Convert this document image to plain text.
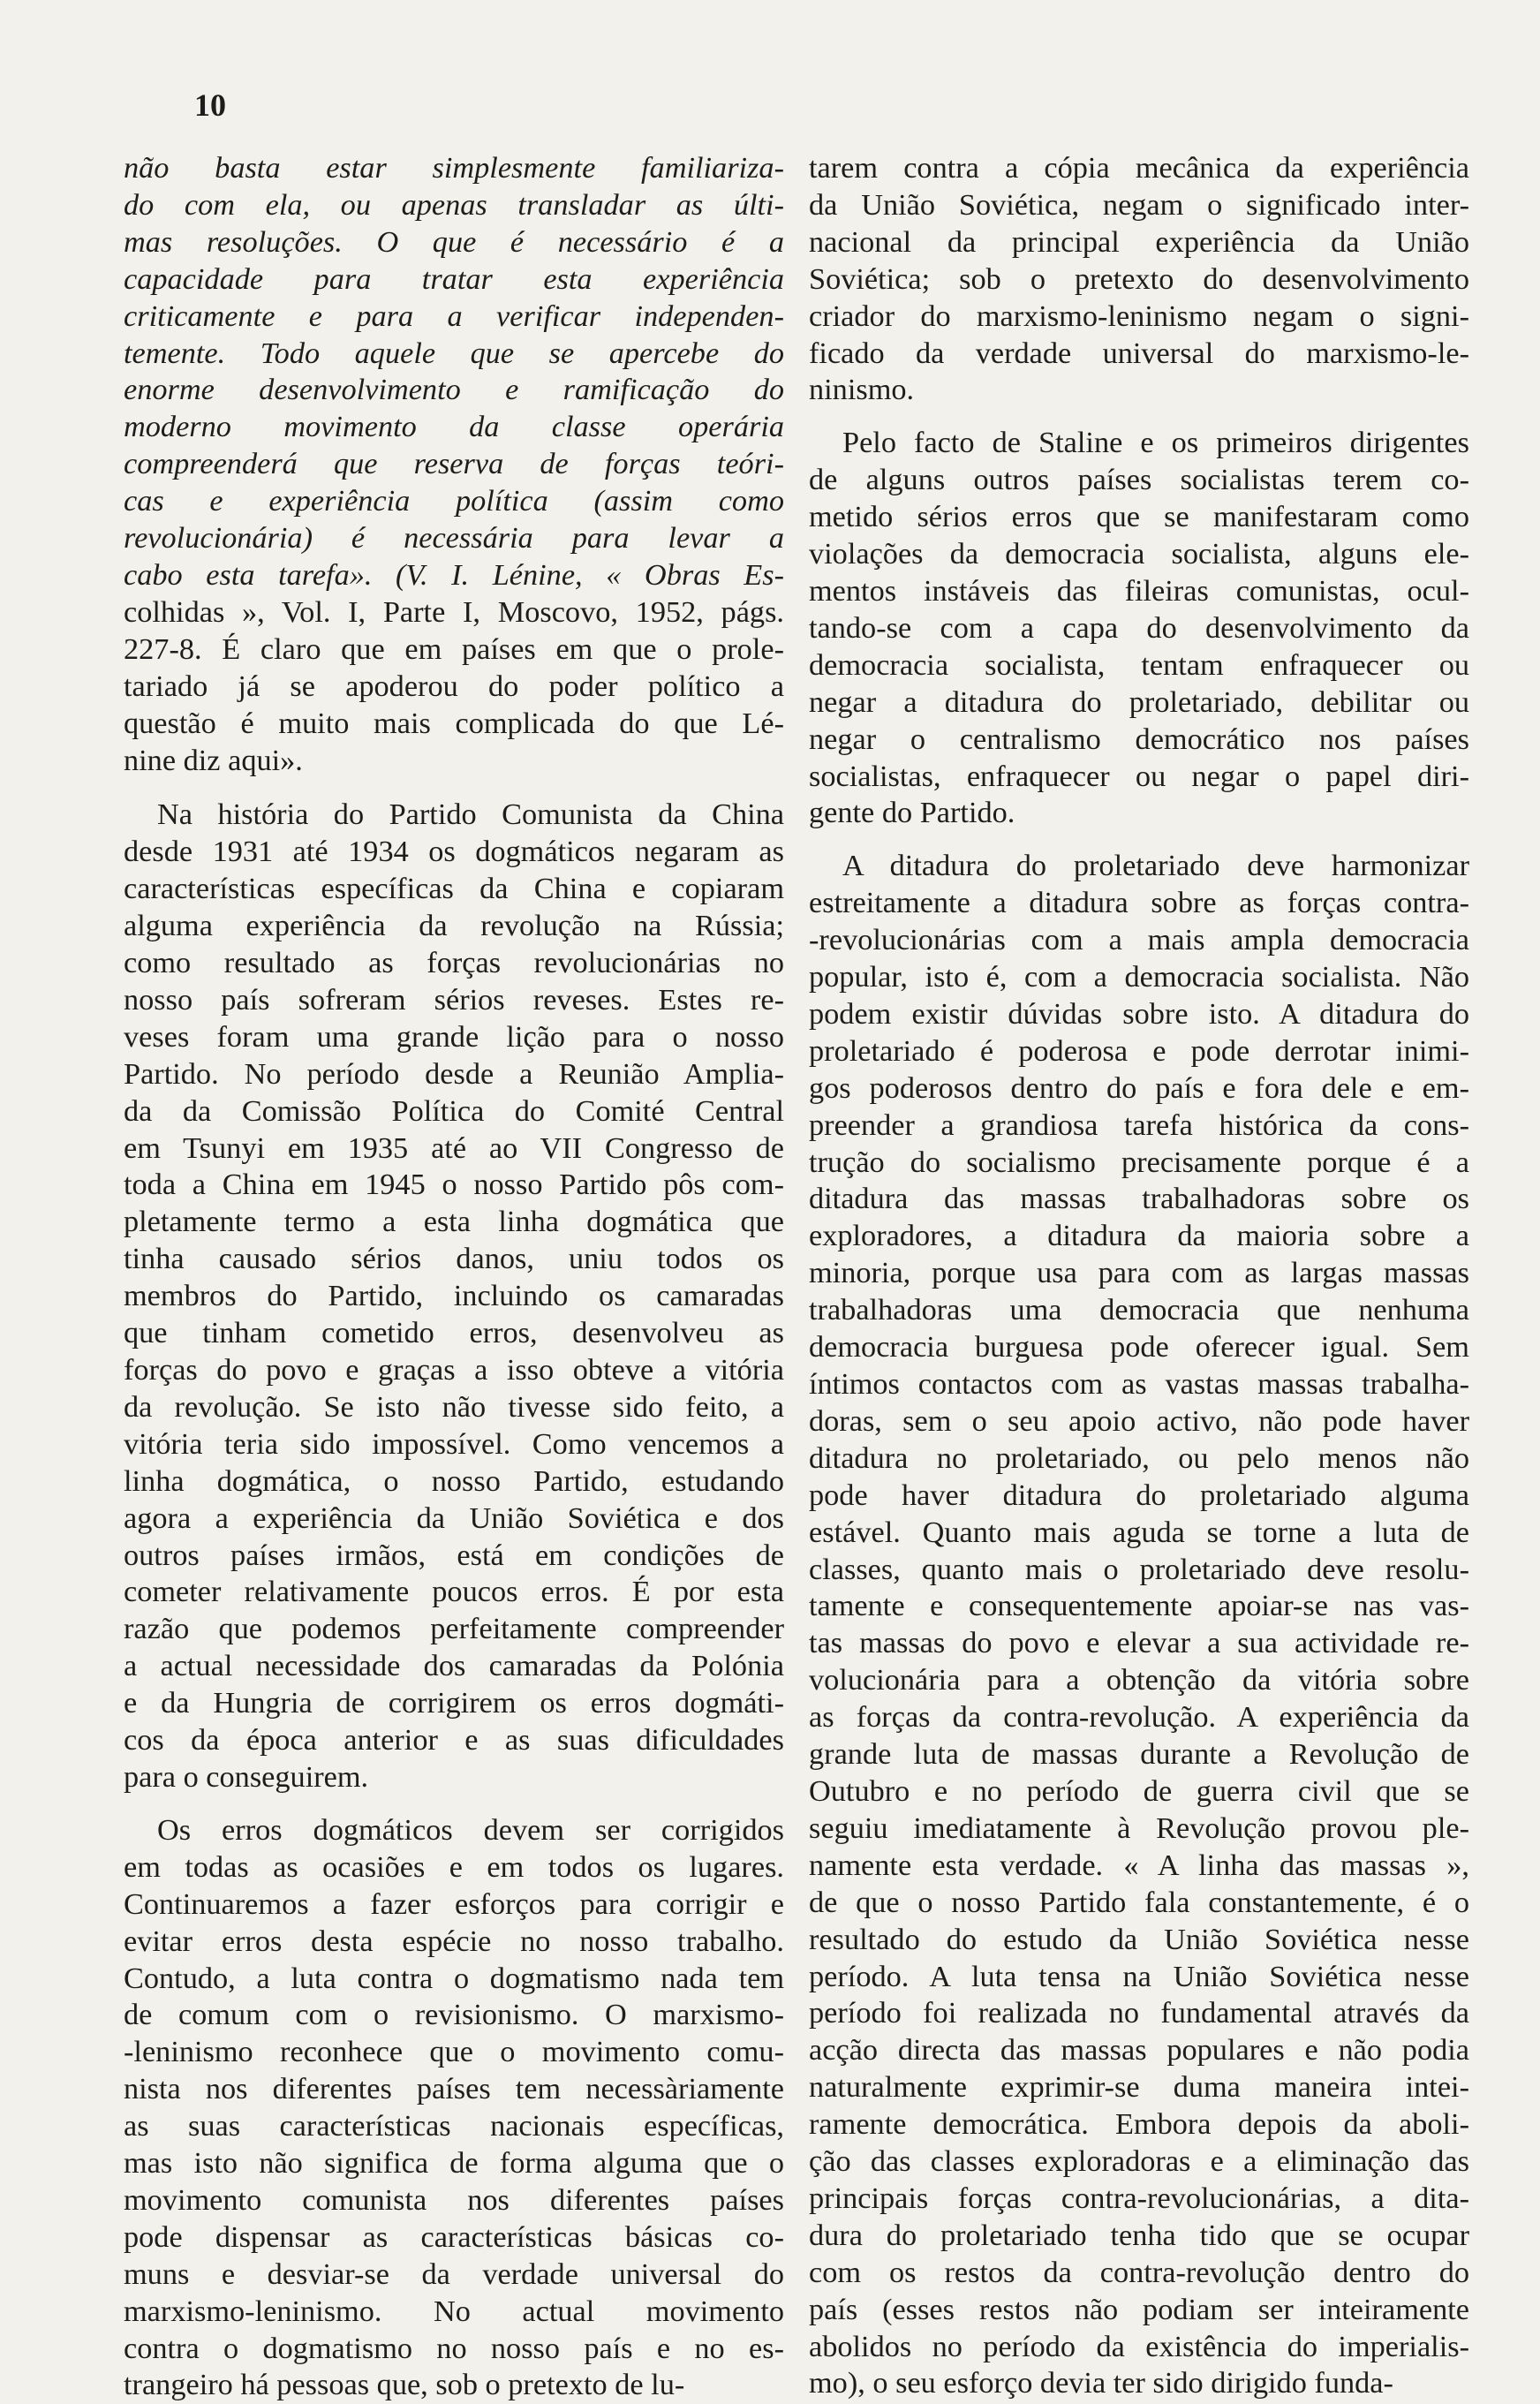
10
não basta estar simplesmente familiariza-
do com ela, ou apenas transladar as últi-
mas resoluções. O que é necessário é a
capacidade para tratar esta experiência
criticamente e para a verificar independen-
temente. Todo aquele que se apercebe do
enorme desenvolvimento e ramificação do
moderno movimento da classe operária
compreenderá que reserva de forças teóri-
cas e experiência política (assim como
revolucionária) é necessária para levar a
cabo esta tarefa». (V. I. Lénine, « Obras Es-
colhidas », Vol. I, Parte I, Moscovo, 1952, págs.
227-8. É claro que em países em que o prole-
tariado já se apoderou do poder político a
questão é muito mais complicada do que Lé-
nine diz aqui».
Na história do Partido Comunista da China
desde 1931 até 1934 os dogmáticos negaram as
características específicas da China e copiaram
alguma experiência da revolução na Rússia;
como resultado as forças revolucionárias no
nosso país sofreram sérios reveses. Estes re-
veses foram uma grande lição para o nosso
Partido. No período desde a Reunião Amplia-
da da Comissão Política do Comité Central
em Tsunyi em 1935 até ao VII Congresso de
toda a China em 1945 o nosso Partido pôs com-
pletamente termo a esta linha dogmática que
tinha causado sérios danos, uniu todos os
membros do Partido, incluindo os camaradas
que tinham cometido erros, desenvolveu as
forças do povo e graças a isso obteve a vitória
da revolução. Se isto não tivesse sido feito, a
vitória teria sido impossível. Como vencemos a
linha dogmática, o nosso Partido, estudando
agora a experiência da União Soviética e dos
outros países irmãos, está em condições de
cometer relativamente poucos erros. É por esta
razão que podemos perfeitamente compreender
a actual necessidade dos camaradas da Polónia
e da Hungria de corrigirem os erros dogmáti-
cos da época anterior e as suas dificuldades
para o conseguirem.
Os erros dogmáticos devem ser corrigidos
em todas as ocasiões e em todos os lugares.
Continuaremos a fazer esforços para corrigir e
evitar erros desta espécie no nosso trabalho.
Contudo, a luta contra o dogmatismo nada tem
de comum com o revisionismo. O marxismo-
-leninismo reconhece que o movimento comu-
nista nos diferentes países tem necessàriamente
as suas características nacionais específicas,
mas isto não significa de forma alguma que o
movimento comunista nos diferentes países
pode dispensar as características básicas co-
muns e desviar-se da verdade universal do
marxismo-leninismo. No actual movimento
contra o dogmatismo no nosso país e no es-
trangeiro há pessoas que, sob o pretexto de lu-
tarem contra a cópia mecânica da experiência
da União Soviética, negam o significado inter-
nacional da principal experiência da União
Soviética; sob o pretexto do desenvolvimento
criador do marxismo-leninismo negam o signi-
ficado da verdade universal do marxismo-le-
ninismo.
Pelo facto de Staline e os primeiros dirigentes
de alguns outros países socialistas terem co-
metido sérios erros que se manifestaram como
violações da democracia socialista, alguns ele-
mentos instáveis das fileiras comunistas, ocul-
tando-se com a capa do desenvolvimento da
democracia socialista, tentam enfraquecer ou
negar a ditadura do proletariado, debilitar ou
negar o centralismo democrático nos países
socialistas, enfraquecer ou negar o papel diri-
gente do Partido.
A ditadura do proletariado deve harmonizar
estreitamente a ditadura sobre as forças contra-
-revolucionárias com a mais ampla democracia
popular, isto é, com a democracia socialista. Não
podem existir dúvidas sobre isto. A ditadura do
proletariado é poderosa e pode derrotar inimi-
gos poderosos dentro do país e fora dele e em-
preender a grandiosa tarefa histórica da cons-
trução do socialismo precisamente porque é a
ditadura das massas trabalhadoras sobre os
exploradores, a ditadura da maioria sobre a
minoria, porque usa para com as largas massas
trabalhadoras uma democracia que nenhuma
democracia burguesa pode oferecer igual. Sem
íntimos contactos com as vastas massas trabalha-
doras, sem o seu apoio activo, não pode haver
ditadura no proletariado, ou pelo menos não
pode haver ditadura do proletariado alguma
estável. Quanto mais aguda se torne a luta de
classes, quanto mais o proletariado deve resolu-
tamente e consequentemente apoiar-se nas vas-
tas massas do povo e elevar a sua actividade re-
volucionária para a obtenção da vitória sobre
as forças da contra-revolução. A experiência da
grande luta de massas durante a Revolução de
Outubro e no período de guerra civil que se
seguiu imediatamente à Revolução provou ple-
namente esta verdade. « A linha das massas »,
de que o nosso Partido fala constantemente, é o
resultado do estudo da União Soviética nesse
período. A luta tensa na União Soviética nesse
período foi realizada no fundamental através da
acção directa das massas populares e não podia
naturalmente exprimir-se duma maneira intei-
ramente democrática. Embora depois da aboli-
ção das classes exploradoras e a eliminação das
principais forças contra-revolucionárias, a dita-
dura do proletariado tenha tido que se ocupar
com os restos da contra-revolução dentro do
país (esses restos não podiam ser inteiramente
abolidos no período da existência do imperialis-
mo), o seu esforço devia ter sido dirigido funda-
